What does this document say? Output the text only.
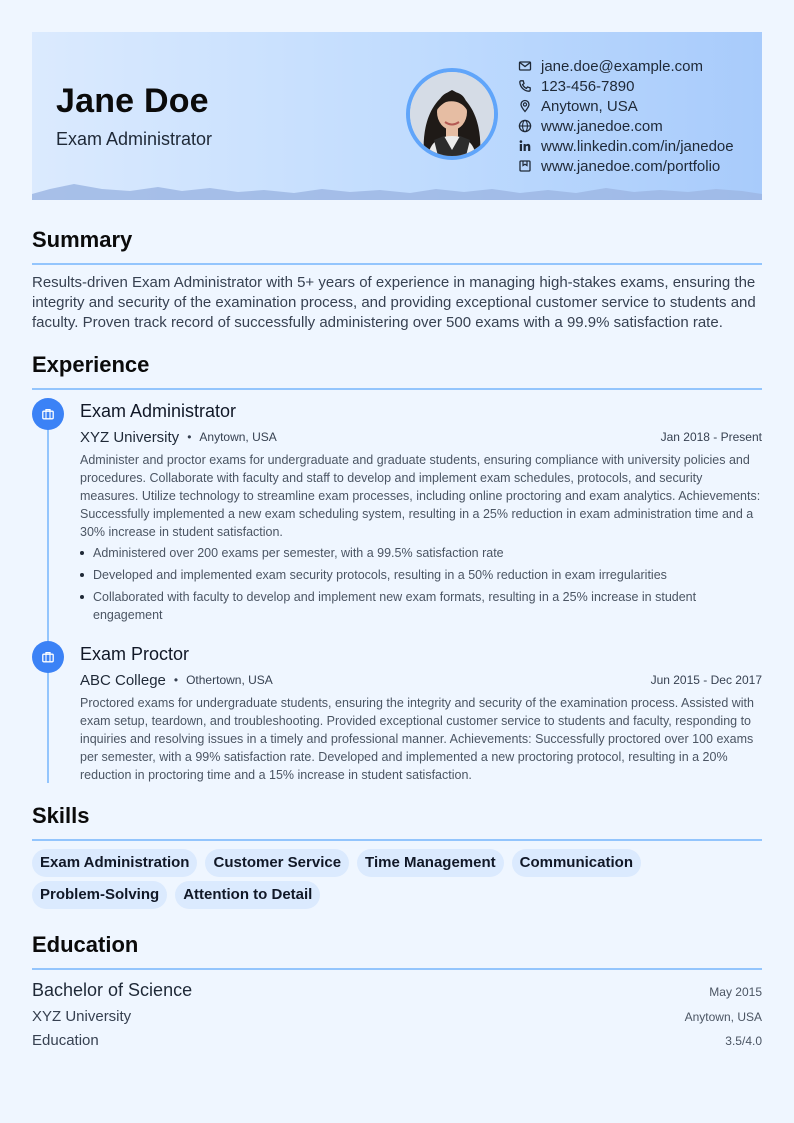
Jane Doe
Exam Administrator
jane.doe@example.com
123-456-7890
Anytown, USA
www.janedoe.com
www.linkedin.com/in/janedoe
www.janedoe.com/portfolio
Summary
Results-driven Exam Administrator with 5+ years of experience in managing high-stakes exams, ensuring the integrity and security of the examination process, and providing exceptional customer service to students and faculty. Proven track record of successfully administering over 500 exams with a 99.9% satisfaction rate.
Experience
Exam Administrator
XYZ University • Anytown, USA	Jan 2018 - Present
Administer and proctor exams for undergraduate and graduate students, ensuring compliance with university policies and procedures. Collaborate with faculty and staff to develop and implement exam schedules, protocols, and security measures. Utilize technology to streamline exam processes, including online proctoring and exam analytics. Achievements: Successfully implemented a new exam scheduling system, resulting in a 25% reduction in exam administration time and a 30% increase in student satisfaction.
Administered over 200 exams per semester, with a 99.5% satisfaction rate
Developed and implemented exam security protocols, resulting in a 50% reduction in exam irregularities
Collaborated with faculty to develop and implement new exam formats, resulting in a 25% increase in student engagement
Exam Proctor
ABC College • Othertown, USA	Jun 2015 - Dec 2017
Proctored exams for undergraduate students, ensuring the integrity and security of the examination process. Assisted with exam setup, teardown, and troubleshooting. Provided exceptional customer service to students and faculty, responding to inquiries and resolving issues in a timely and professional manner. Achievements: Successfully proctored over 100 exams per semester, with a 99% satisfaction rate. Developed and implemented a new proctoring protocol, resulting in a 20% reduction in proctoring time and a 15% increase in student satisfaction.
Skills
Exam Administration	Customer Service	Time Management	Communication
Problem-Solving	Attention to Detail
Education
Bachelor of Science	May 2015
XYZ University	Anytown, USA
Education	3.5/4.0
